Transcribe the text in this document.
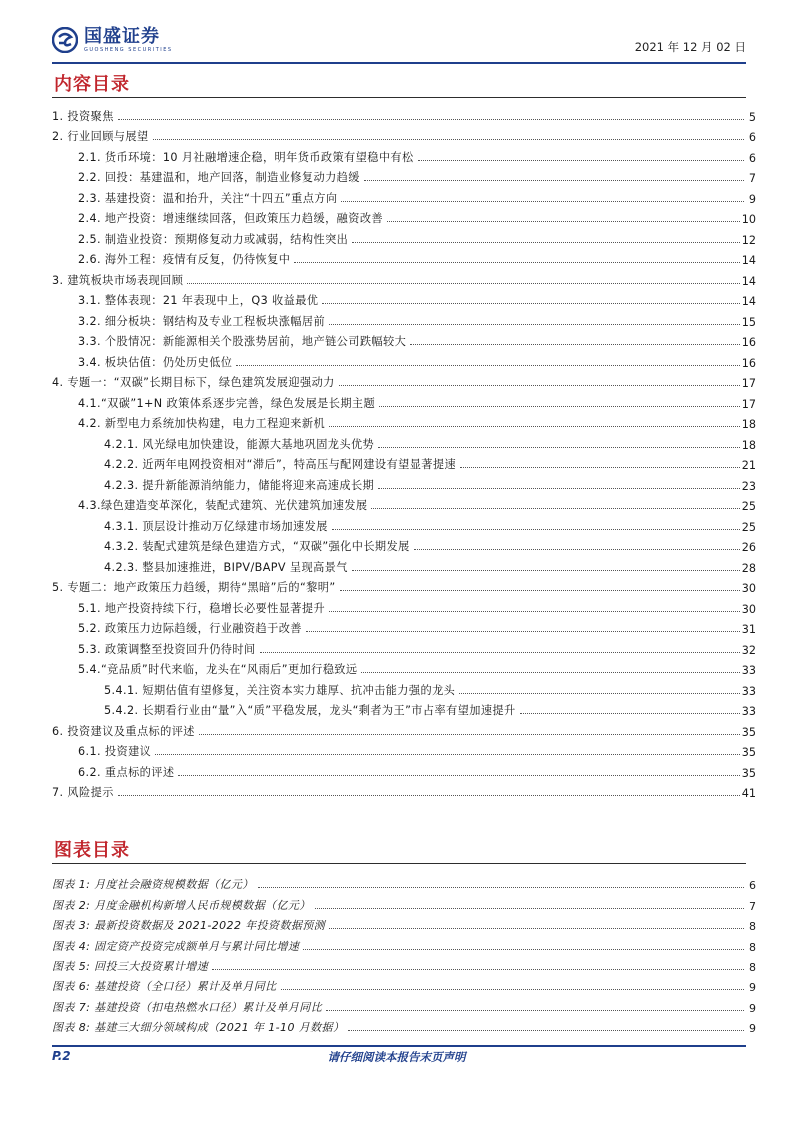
国盛证券
GUOSHENG SECURITIES	2021 年 12 月 02 日
内容目录
1. 投资聚焦	5
2. 行业回顾与展望	6
2.1. 货币环境：10 月社融增速企稳，明年货币政策有望稳中有松	6
2.2. 回投：基建温和，地产回落，制造业修复动力趋缓	7
2.3. 基建投资：温和抬升，关注“十四五”重点方向	9
2.4. 地产投资：增速继续回落，但政策压力趋缓，融资改善	10
2.5. 制造业投资：预期修复动力或减弱，结构性突出	12
2.6. 海外工程：疫情有反复，仍待恢复中	14
3. 建筑板块市场表现回顾	14
3.1. 整体表现：21 年表现中上，Q3 收益最优	14
3.2. 细分板块：钢结构及专业工程板块涨幅居前	15
3.3. 个股情况：新能源相关个股涨势居前，地产链公司跌幅较大	16
3.4. 板块估值：仍处历史低位	16
4. 专题一：“双碳”长期目标下，绿色建筑发展迎强动力	17
4.1.“双碳”1+N 政策体系逐步完善，绿色发展是长期主题	17
4.2. 新型电力系统加快构建，电力工程迎来新机	18
4.2.1. 风光绿电加快建设，能源大基地巩固龙头优势	18
4.2.2. 近两年电网投资相对“滞后”，特高压与配网建设有望显著提速	21
4.2.3. 提升新能源消纳能力，储能将迎来高速成长期	23
4.3.绿色建造变革深化，装配式建筑、光伏建筑加速发展	25
4.3.1. 顶层设计推动万亿绿建市场加速发展	25
4.3.2. 装配式建筑是绿色建造方式，“双碳”强化中长期发展	26
4.2.3. 整县加速推进，BIPV/BAPV 呈现高景气	28
5. 专题二：地产政策压力趋缓，期待“黑暗”后的“黎明”	30
5.1. 地产投资持续下行，稳增长必要性显著提升	30
5.2. 政策压力边际趋缓，行业融资趋于改善	31
5.3. 政策调整至投资回升仍待时间	32
5.4.“竞品质”时代来临，龙头在“风雨后”更加行稳致远	33
5.4.1. 短期估值有望修复，关注资本实力雄厚、抗冲击能力强的龙头	33
5.4.2. 长期看行业由“量”入“质”平稳发展，龙头“剩者为王”市占率有望加速提升	33
6. 投资建议及重点标的评述	35
6.1. 投资建议	35
6.2. 重点标的评述	35
7. 风险提示	41
图表目录
图表 1: 月度社会融资规模数据（亿元）	6
图表 2: 月度金融机构新增人民币规模数据（亿元）	7
图表 3: 最新投资数据及 2021-2022 年投资数据预测	8
图表 4: 固定资产投资完成额单月与累计同比增速	8
图表 5: 回投三大投资累计增速	8
图表 6: 基建投资（全口径）累计及单月同比	9
图表 7: 基建投资（扣电热燃水口径）累计及单月同比	9
图表 8: 基建三大细分领域构成（2021 年 1-10 月数据）	9
请仔细阅读本报告末页声明
P.2
